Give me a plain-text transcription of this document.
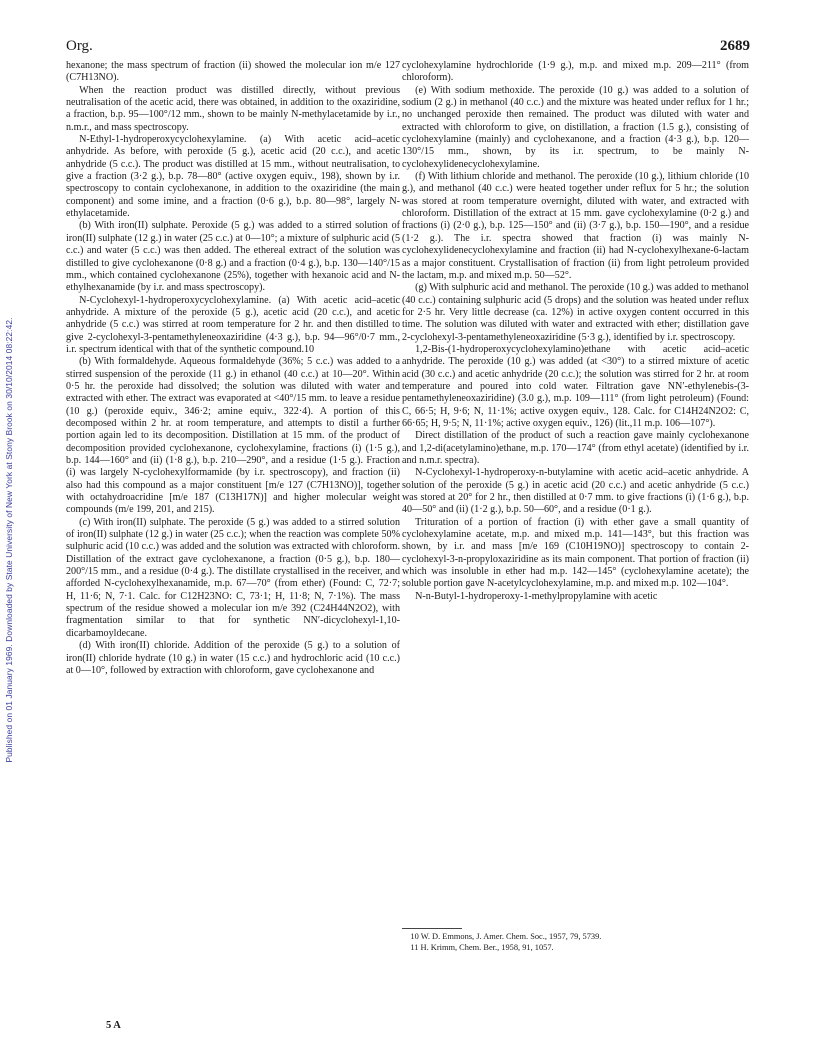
Published on 01 January 1969. Downloaded by State University of New York at Stony Brook on 30/10/2014 08:22:42.
Org.	2689

hexanone; the mass spectrum of fraction (ii) showed the molecular ion m/e 127 (C7H13NO).

When the reaction product was distilled directly, without previous neutralisation of the acetic acid, there was obtained, in addition to the oxaziridine, a fraction, b.p. 95—100°/12 mm., shown to be mainly N-methylacetamide by i.r., n.m.r., and mass spectroscopy.

N-Ethyl-1-hydroperoxycyclohexylamine. (a) With acetic acid–acetic anhydride. As before, with peroxide (5 g.), acetic acid (20 c.c.), and acetic anhydride (5 c.c.). The product was distilled at 15 mm., without neutralisation, to give a fraction (3·2 g.), b.p. 78—80° (active oxygen equiv., 198), shown by i.r. spectroscopy to contain cyclohexanone, in addition to the oxaziridine (the main component) and some imine, and a fraction (0·6 g.), b.p. 80—98°, largely N-ethylacetamide.

(b) With iron(II) sulphate. Peroxide (5 g.) was added to a stirred solution of iron(II) sulphate (12 g.) in water (25 c.c.) at 0—10°; a mixture of sulphuric acid (5 c.c.) and water (5 c.c.) was then added. The ethereal extract of the solution was distilled to give cyclohexanone (0·8 g.) and a fraction (0·4 g.), b.p. 130—140°/15 mm., which contained cyclohexanone (25%), together with hexanoic acid and N-ethylhexanamide (by i.r. and mass spectroscopy).

N-Cyclohexyl-1-hydroperoxycyclohexylamine. (a) With acetic acid–acetic anhydride. A mixture of the peroxide (5 g.), acetic acid (20 c.c.), and acetic anhydride (5 c.c.) was stirred at room temperature for 2 hr. and then distilled to give 2-cyclohexyl-3-pentamethyleneoxaziridine (4·3 g.), b.p. 94—96°/0·7 mm., i.r. spectrum identical with that of the synthetic compound.10

(b) With formaldehyde. Aqueous formaldehyde (36%; 5 c.c.) was added to a stirred suspension of the peroxide (11 g.) in ethanol (40 c.c.) at 10—20°. Within 0·5 hr. the peroxide had dissolved; the solution was diluted with water and extracted with ether. The extract was evaporated at <40°/15 mm. to leave a residue (10 g.) (peroxide equiv., 346·2; amine equiv., 322·4). A portion of this decomposed within 2 hr. at room temperature, and attempts to distil a further portion again led to its decomposition. Distillation at 15 mm. of the product of decomposition provided cyclohexanone, cyclohexylamine, fractions (i) (1·5 g.), b.p. 144—160° and (ii) (1·8 g.), b.p. 210—290°, and a residue (1·5 g.). Fraction (i) was largely N-cyclohexylformamide (by i.r. spectroscopy), and fraction (ii) also had this compound as a major constituent [m/e 127 (C7H13NO)], together with octahydroacridine [m/e 187 (C13H17N)] and higher molecular weight compounds (m/e 199, 201, and 215).

(c) With iron(II) sulphate. The peroxide (5 g.) was added to a stirred solution of iron(II) sulphate (12 g.) in water (25 c.c.); when the reaction was complete 50% sulphuric acid (10 c.c.) was added and the solution was extracted with chloroform. Distillation of the extract gave cyclohexanone, a fraction (0·5 g.), b.p. 180—200°/15 mm., and a residue (0·4 g.). The distillate crystallised in the receiver, and afforded N-cyclohexylhexanamide, m.p. 67—70° (from ether) (Found: C, 72·7; H, 11·6; N, 7·1. Calc. for C12H23NO: C, 73·1; H, 11·8; N, 7·1%). The mass spectrum of the residue showed a molecular ion m/e 392 (C24H44N2O2), with fragmentation similar to that for synthetic NN′-dicyclohexyl-1,10-dicarbamoyldecane.

(d) With iron(II) chloride. Addition of the peroxide (5 g.) to a solution of iron(II) chloride hydrate (10 g.) in water (15 c.c.) and hydrochloric acid (10 c.c.) at 0—10°, followed by extraction with chloroform, gave cyclohexanone and

5 A

cyclohexylamine hydrochloride (1·9 g.), m.p. and mixed m.p. 209—211° (from chloroform).

(e) With sodium methoxide. The peroxide (10 g.) was added to a solution of sodium (2 g.) in methanol (40 c.c.) and the mixture was heated under reflux for 1 hr.; no unchanged peroxide then remained. The product was diluted with water and extracted with chloroform to give, on distillation, a fraction (1.5 g.), consisting of cyclohexylamine (mainly) and cyclohexanone, and a fraction (4·3 g.), b.p. 120—130°/15 mm., shown, by its i.r. spectrum, to be mainly N-cyclohexylidenecyclohexylamine.

(f) With lithium chloride and methanol. The peroxide (10 g.), lithium chloride (10 g.), and methanol (40 c.c.) were heated together under reflux for 5 hr.; the solution was stored at room temperature overnight, diluted with water, and extracted with chloroform. Distillation of the extract at 15 mm. gave cyclohexylamine (0·2 g.) and fractions (i) (2·0 g.), b.p. 125—150° and (ii) (3·7 g.), b.p. 150—190°, and a residue (1·2 g.). The i.r. spectra showed that fraction (i) was mainly N-cyclohexylidenecyclohexylamine and fraction (ii) had N-cyclohexylhexane-6-lactam as a major constituent. Crystallisation of fraction (ii) from light petroleum provided the lactam, m.p. and mixed m.p. 50—52°.

(g) With sulphuric acid and methanol. The peroxide (10 g.) was added to methanol (40 c.c.) containing sulphuric acid (5 drops) and the solution was heated under reflux for 2·5 hr. Very little decrease (ca. 12%) in active oxygen content occurred in this time. The solution was diluted with water and extracted with ether; distillation gave 2-cyclohexyl-3-pentamethyleneoxaziridine (5·3 g.), identified by i.r. spectroscopy.

1,2-Bis-(1-hydroperoxycyclohexylamino)ethane with acetic acid–acetic anhydride. The peroxide (10 g.) was added (at <30°) to a stirred mixture of acetic acid (30 c.c.) and acetic anhydride (20 c.c.); the solution was stirred for 2 hr. at room temperature and poured into cold water. Filtration gave NN′-ethylenebis-(3-pentamethyleneoxaziridine) (3.0 g.), m.p. 109—111° (from light petroleum) (Found: C, 66·5; H, 9·6; N, 11·1%; active oxygen equiv., 128. Calc. for C14H24N2O2: C, 66·65; H, 9·5; N, 11·1%; active oxygen equiv., 126) (lit.,11 m.p. 106—107°).

Direct distillation of the product of such a reaction gave mainly cyclohexanone and 1,2-di(acetylamino)ethane, m.p. 170—174° (from ethyl acetate) (identified by i.r. and n.m.r. spectra).

N-Cyclohexyl-1-hydroperoxy-n-butylamine with acetic acid–acetic anhydride. A solution of the peroxide (5 g.) in acetic acid (20 c.c.) and acetic anhydride (5 c.c.) was stored at 20° for 2 hr., then distilled at 0·7 mm. to give fractions (i) (1·6 g.), b.p. 40—50° and (ii) (1·2 g.), b.p. 50—60°, and a residue (0·1 g.).

Trituration of a portion of fraction (i) with ether gave a small quantity of cyclohexylamine acetate, m.p. and mixed m.p. 141—143°, but this fraction was shown, by i.r. and mass [m/e 169 (C10H19NO)] spectroscopy to contain 2-cyclohexyl-3-n-propyloxaziridine as its main component. That portion of fraction (ii) which was insoluble in ether had m.p. 142—145° (cyclohexylamine acetate); the soluble portion gave N-acetylcyclohexylamine, m.p. and mixed m.p. 102—104°.

N-n-Butyl-1-hydroperoxy-1-methylpropylamine with acetic

10 W. D. Emmons, J. Amer. Chem. Soc., 1957, 79, 5739.
11 H. Krimm, Chem. Ber., 1958, 91, 1057.
